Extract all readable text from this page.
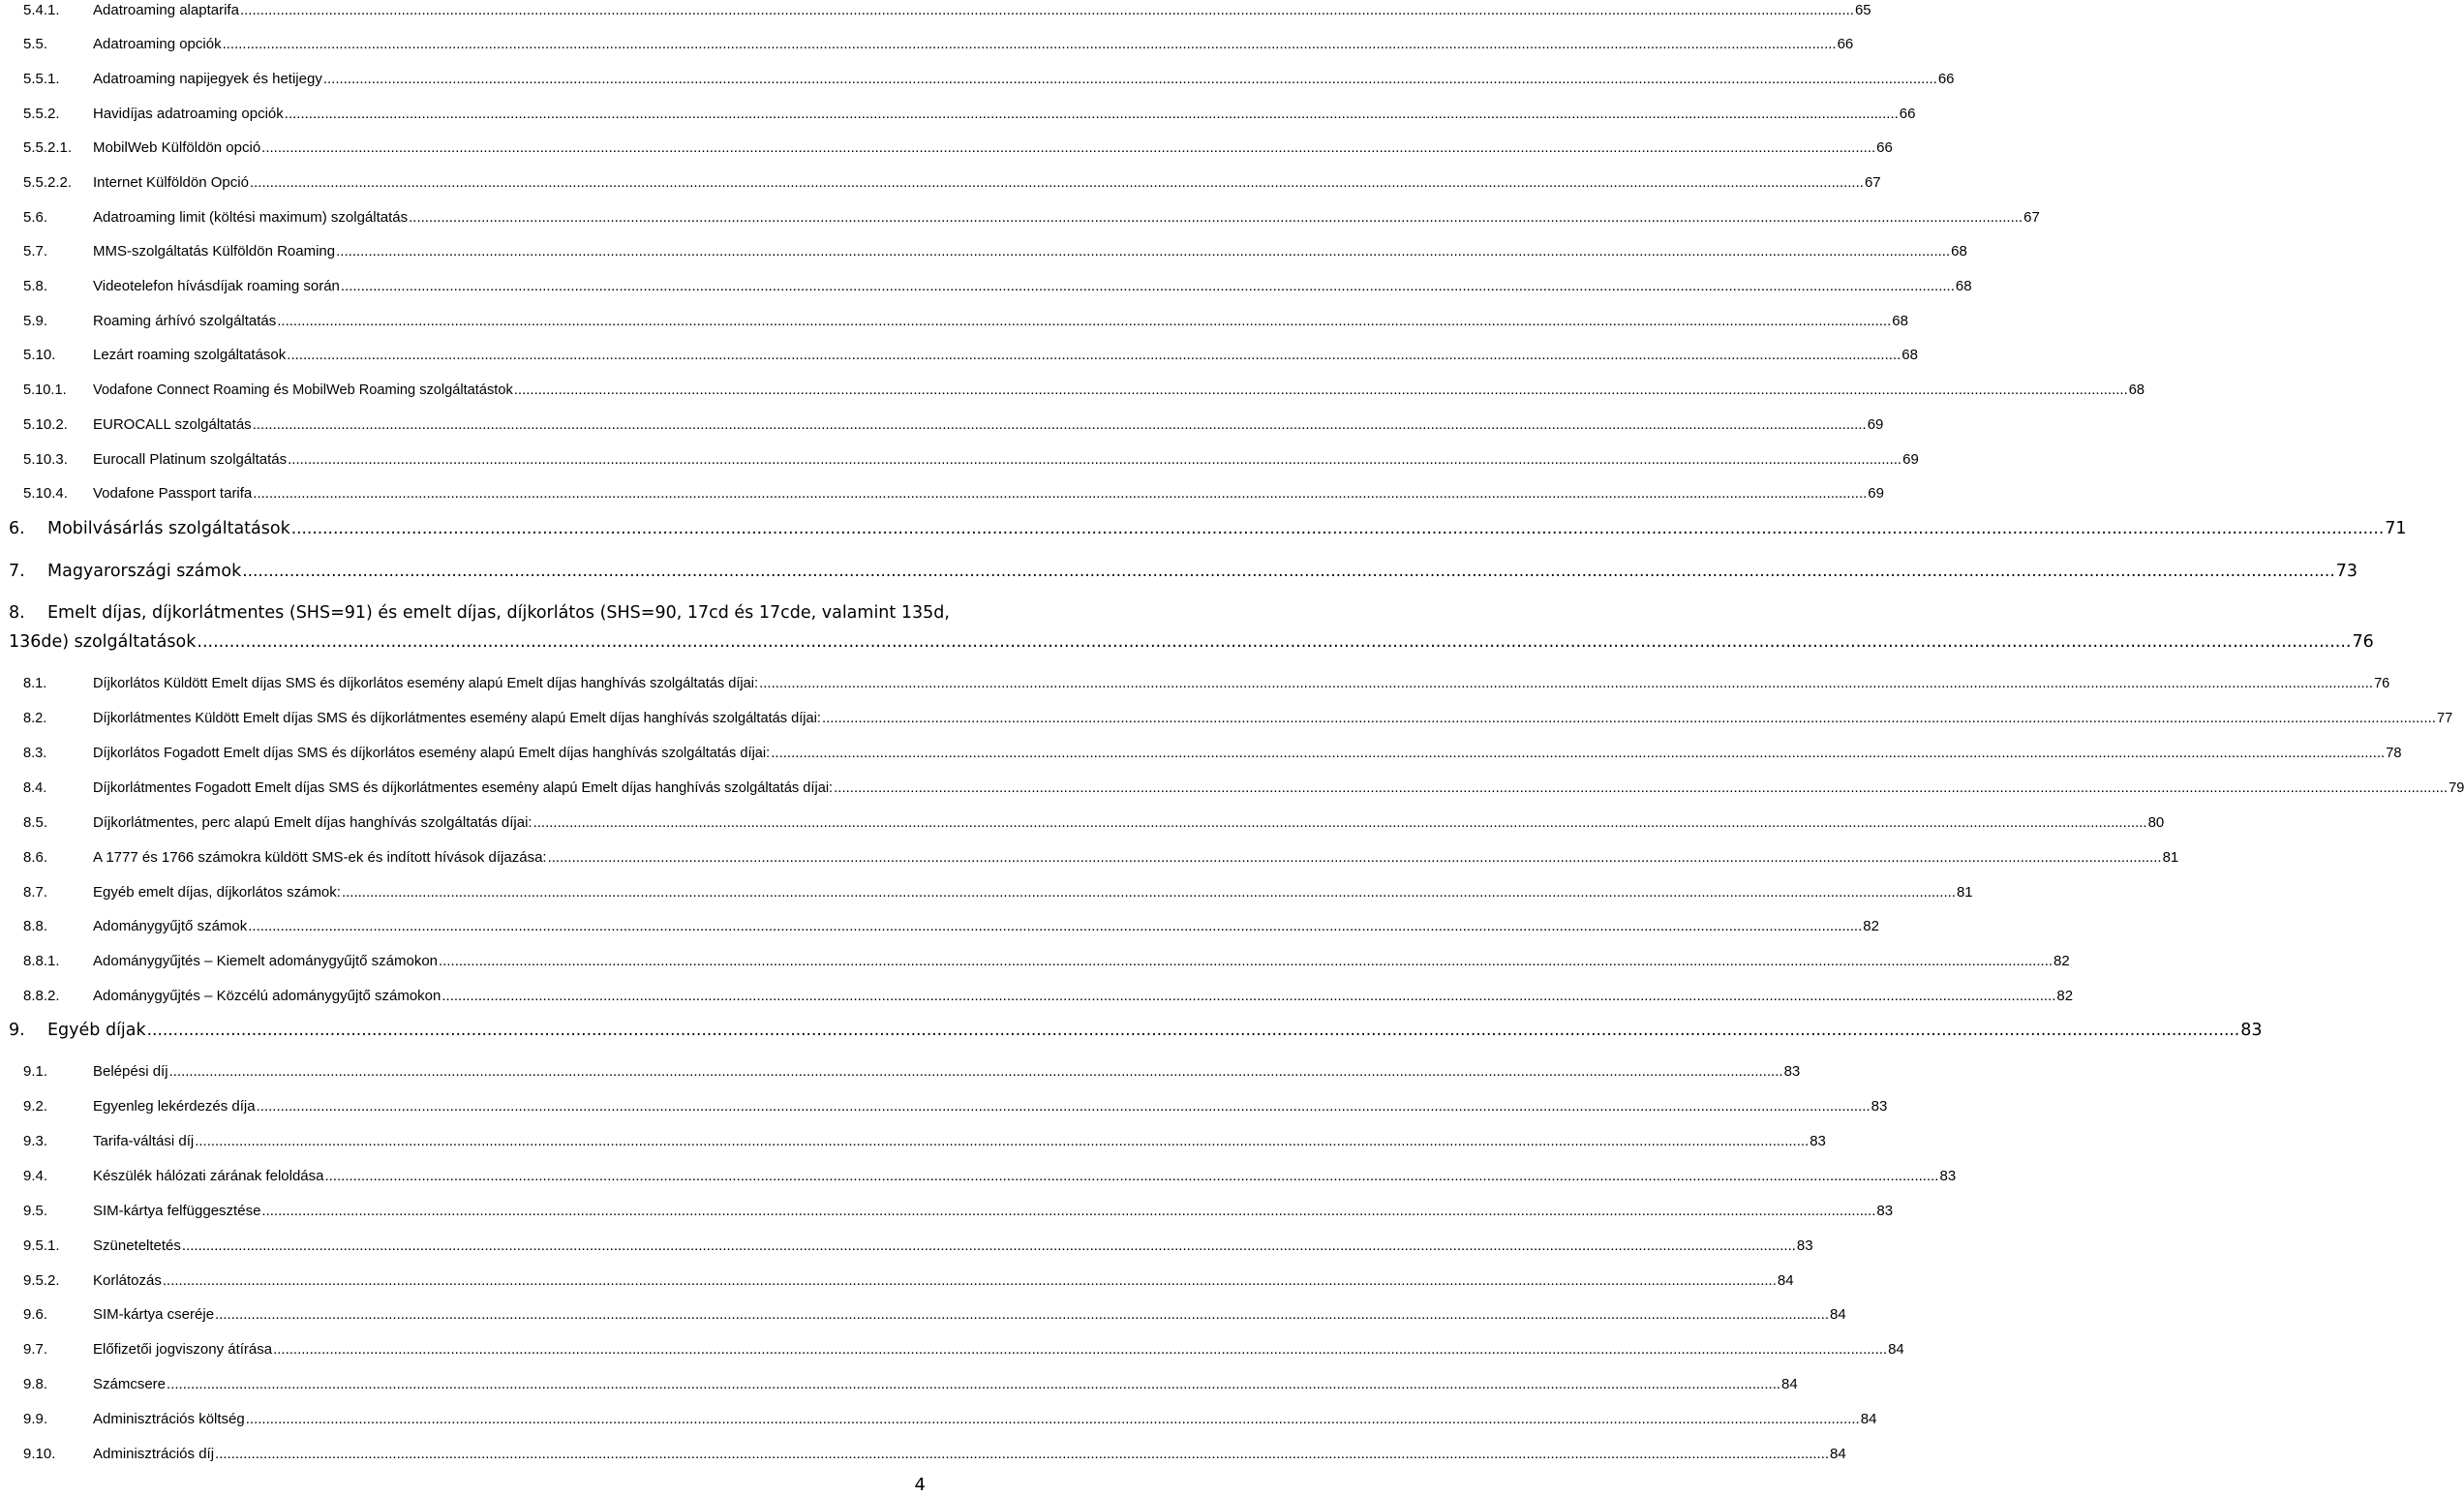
5.4.1.	Adatroaming alaptarifa .....	65
5.5.	Adatroaming opciók .....	66
5.5.1.	Adatroaming napijegyek és hetijegy .....	66
5.5.2.	Havidíjas adatroaming opciók .....	66
5.5.2.1.	MobilWeb Külföldön opció .....	66
5.5.2.2.	Internet Külföldön Opció .....	67
5.6.	Adatroaming limit (költési maximum) szolgáltatás .....	67
5.7.	MMS-szolgáltatás Külföldön Roaming .....	68
5.8.	Videotelefon hívásdíjak roaming során .....	68
5.9.	Roaming árhívó szolgáltatás .....	68
5.10.	Lezárt roaming szolgáltatások .....	68
5.10.1.	Vodafone Connect Roaming és MobilWeb Roaming szolgáltatástok .....	68
5.10.2.	EUROCALL szolgáltatás .....	69
5.10.3.	Eurocall Platinum szolgáltatás .....	69
5.10.4.	Vodafone Passport tarifa .....	69
6.	Mobilvásárlás szolgáltatások .....	71
7.	Magyarországi számok .....	73
8.	Emelt díjas, díjkorlátmentes (SHS=91) és emelt díjas, díjkorlátos (SHS=90, 17cd és 17cde, valamint 135d,
136de) szolgáltatások .....	76
8.1.	Díjkorlátos Küldött Emelt díjas SMS és díjkorlátos esemény alapú Emelt díjas hanghívás szolgáltatás díjai: .....	76
8.2.	Díjkorlátmentes Küldött Emelt díjas SMS és díjkorlátmentes esemény alapú Emelt díjas hanghívás szolgáltatás díjai: .....	77
8.3.	Díjkorlátos Fogadott Emelt díjas SMS és díjkorlátos esemény alapú Emelt díjas hanghívás szolgáltatás díjai: .....	78
8.4.	Díjkorlátmentes Fogadott Emelt díjas SMS és díjkorlátmentes esemény alapú Emelt díjas hanghívás szolgáltatás díjai: .....	79
8.5.	Díjkorlátmentes, perc alapú Emelt díjas hanghívás szolgáltatás díjai: .....	80
8.6.	A 1777 és 1766 számokra küldött SMS-ek és indított hívások díjazása: .....	81
8.7.	Egyéb emelt díjas, díjkorlátos számok: .....	81
8.8.	Adománygyűjtő számok .....	82
8.8.1.	Adománygyűjtés – Kiemelt adománygyűjtő számokon .....	82
8.8.2.	Adománygyűjtés – Közcélú adománygyűjtő számokon .....	82
9.	Egyéb díjak .....	83
9.1.	Belépési díj .....	83
9.2.	Egyenleg lekérdezés díja .....	83
9.3.	Tarifa-váltási díj .....	83
9.4.	Készülék hálózati zárának feloldása .....	83
9.5.	SIM-kártya felfüggesztése .....	83
9.5.1.	Szüneteltetés .....	83
9.5.2.	Korlátozás .....	84
9.6.	SIM-kártya cseréje .....	84
9.7.	Előfizetői jogviszony átírása .....	84
9.8.	Számcsere .....	84
9.9.	Adminisztrációs költség .....	84
9.10.	Adminisztrációs díj .....	84
4
